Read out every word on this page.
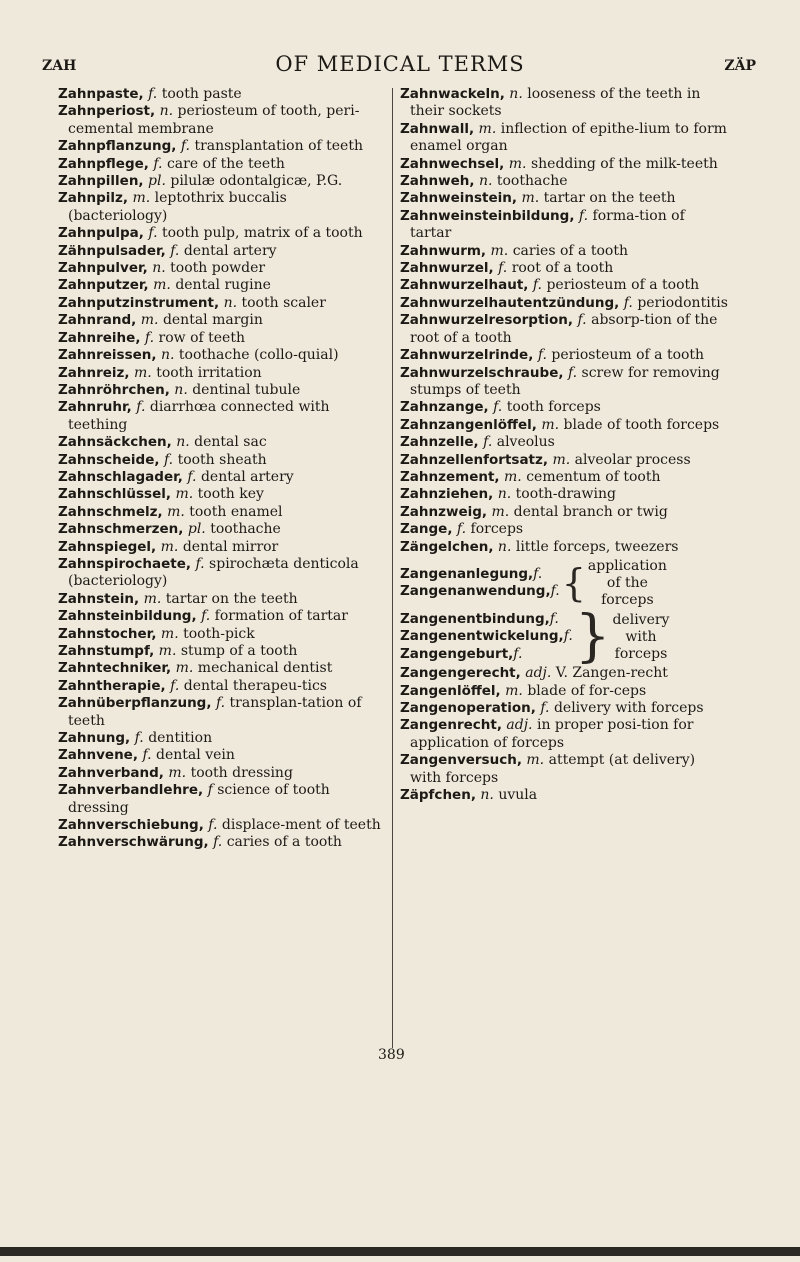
ZAH	OF MEDICAL TERMS	ZÄP
Zahnpaste, f. tooth paste
Zahnperiost, n. periosteum of tooth, peri-cemental membrane
Zahnpflanzung, f. transplantation of teeth
Zahnpflege, f. care of the teeth
Zahnpillen, pl. pilulæ odontalgicæ, P.G.
Zahnpilz, m. leptothrix buccalis (bacteriology)
Zahnpulpa, f. tooth pulp, matrix of a tooth
Zähnpulsader, f. dental artery
Zahnpulver, n. tooth powder
Zahnputzer, m. dental rugine
Zahnputzinstrument, n. tooth scaler
Zahnrand, m. dental margin
Zahnreihe, f. row of teeth
Zahnreissen, n. toothache (collo-quial)
Zahnreiz, m. tooth irritation
Zahnröhrchen, n. dentinal tubule
Zahnruhr, f. diarrhœa connected with teething
Zahnsäckchen, n. dental sac
Zahnscheide, f. tooth sheath
Zahnschlagader, f. dental artery
Zahnschlüssel, m. tooth key
Zahnschmelz, m. tooth enamel
Zahnschmerzen, pl. toothache
Zahnspiegel, m. dental mirror
Zahnspirochaete, f. spirochæta denticola (bacteriology)
Zahnstein, m. tartar on the teeth
Zahnsteinbildung, f. formation of tartar
Zahnstocher, m. tooth-pick
Zahnstumpf, m. stump of a tooth
Zahntechniker, m. mechanical dentist
Zahntherapie, f. dental therapeu-tics
Zahnüberpflanzung, f. transplan-tation of teeth
Zahnung, f. dentition
Zahnvene, f. dental vein
Zahnverband, m. tooth dressing
Zahnverbandlehre, f science of tooth dressing
Zahnverschiebung, f. displace-ment of teeth
Zahnverschwärung, f. caries of a tooth
Zahnwackeln, n. looseness of the teeth in their sockets
Zahnwall, m. inflection of epithe-lium to form enamel organ
Zahnwechsel, m. shedding of the milk-teeth
Zahnweh, n. toothache
Zahnweinstein, m. tartar on the teeth
Zahnweinsteinbildung, f. forma-tion of tartar
Zahnwurm, m. caries of a tooth
Zahnwurzel, f. root of a tooth
Zahnwurzelhaut, f. periosteum of a tooth
Zahnwurzelhautentzündung, f. periodontitis
Zahnwurzelresorption, f. absorp-tion of the root of a tooth
Zahnwurzelrinde, f. periosteum of a tooth
Zahnwurzelschraube, f. screw for removing stumps of teeth
Zahnzange, f. tooth forceps
Zahnzangenlöffel, m. blade of tooth forceps
Zahnzelle, f. alveolus
Zahnzellenfortsatz, m. alveolar process
Zahnzement, m. cementum of tooth
Zahnziehen, n. tooth-drawing
Zahnzweig, m. dental branch or twig
Zange, f. forceps
Zängelchen, n. little forceps, tweezers
Zangenanlegung,f.
Zangenanwendung,f. { application
of the
forceps
Zangenentbindung,f.
Zangenentwickelung,f.
Zangengeburt,f. } delivery
with
forceps
Zangengerecht, adj. V. Zangen-recht
Zangenlöffel, m. blade of for-ceps
Zangenoperation, f. delivery with forceps
Zangenrecht, adj. in proper posi-tion for application of forceps
Zangenversuch, m. attempt (at delivery) with forceps
Zäpfchen, n. uvula
389
